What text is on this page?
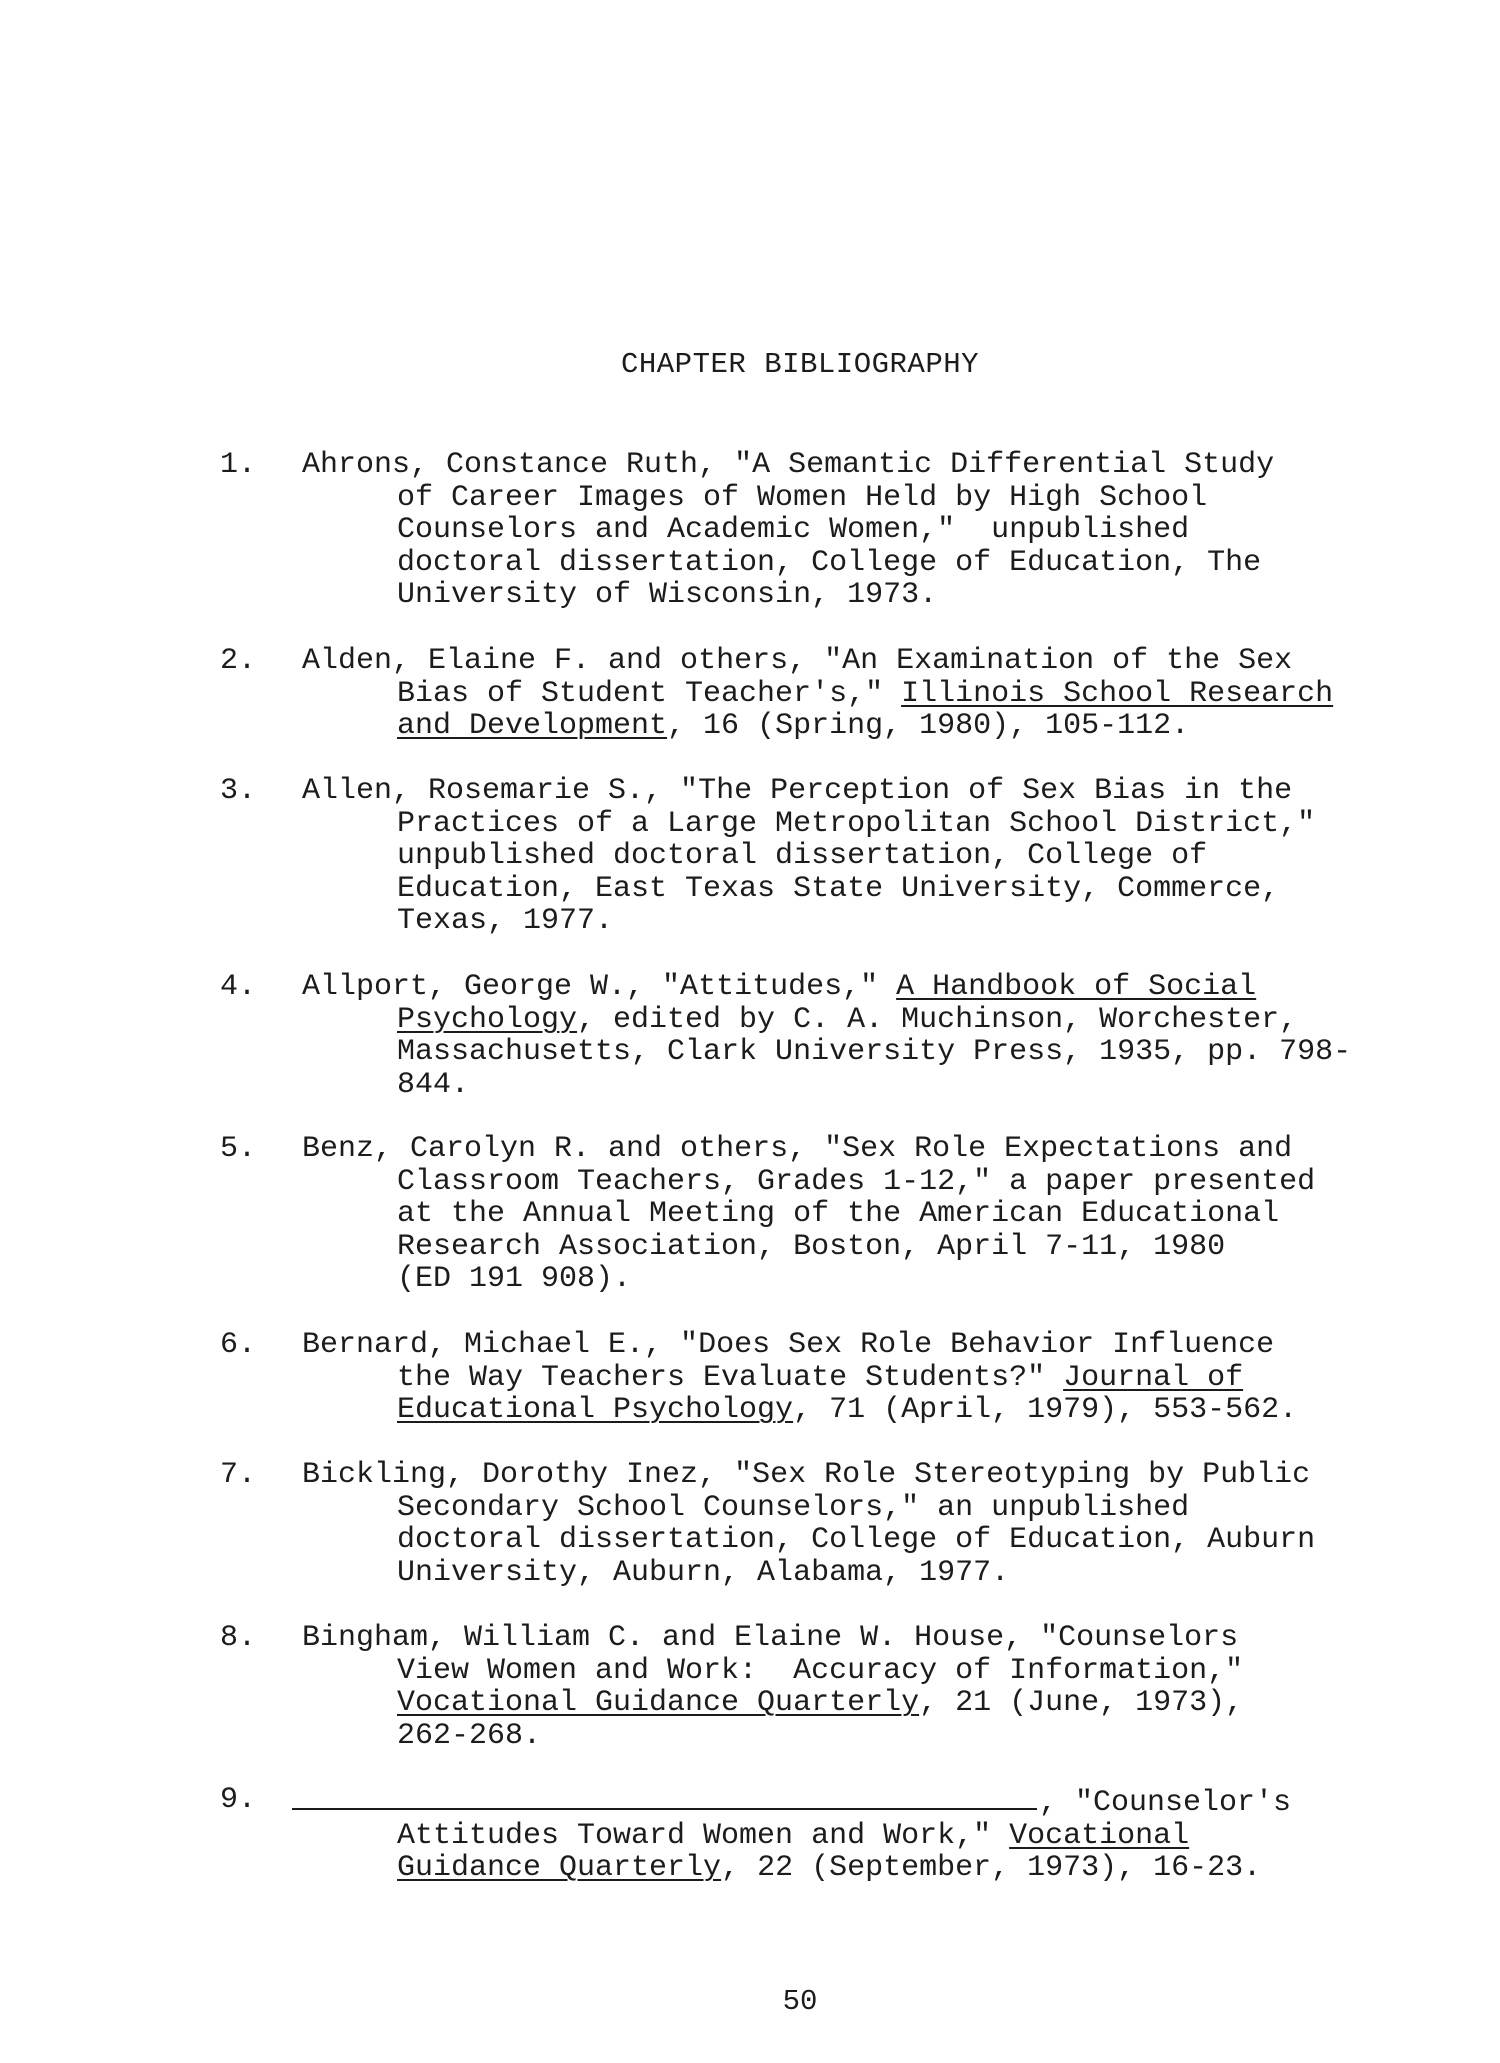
CHAPTER BIBLIOGRAPHY
1.	Ahrons, Constance Ruth, "A Semantic Differential Study
of Career Images of Women Held by High School
Counselors and Academic Women,"  unpublished
doctoral dissertation, College of Education, The
University of Wisconsin, 1973.
2.	Alden, Elaine F. and others, "An Examination of the Sex
Bias of Student Teacher's," Illinois School Research
and Development, 16 (Spring, 1980), 105-112.
3.	Allen, Rosemarie S., "The Perception of Sex Bias in the
Practices of a Large Metropolitan School District,"
unpublished doctoral dissertation, College of
Education, East Texas State University, Commerce,
Texas, 1977.
4.	Allport, George W., "Attitudes," A Handbook of Social
Psychology, edited by C. A. Muchinson, Worchester,
Massachusetts, Clark University Press, 1935, pp. 798-
844.
5.	Benz, Carolyn R. and others, "Sex Role Expectations and
Classroom Teachers, Grades 1-12," a paper presented
at the Annual Meeting of the American Educational
Research Association, Boston, April 7-11, 1980
(ED 191 908).
6.	Bernard, Michael E., "Does Sex Role Behavior Influence
the Way Teachers Evaluate Students?" Journal of
Educational Psychology, 71 (April, 1979), 553-562.
7.	Bickling, Dorothy Inez, "Sex Role Stereotyping by Public
Secondary School Counselors," an unpublished
doctoral dissertation, College of Education, Auburn
University, Auburn, Alabama, 1977.
8.	Bingham, William C. and Elaine W. House, "Counselors
View Women and Work:  Accuracy of Information,"
Vocational Guidance Quarterly, 21 (June, 1973),
262-268.
9.	, "Counselor's
Attitudes Toward Women and Work," Vocational
Guidance Quarterly, 22 (September, 1973), 16-23.
50
